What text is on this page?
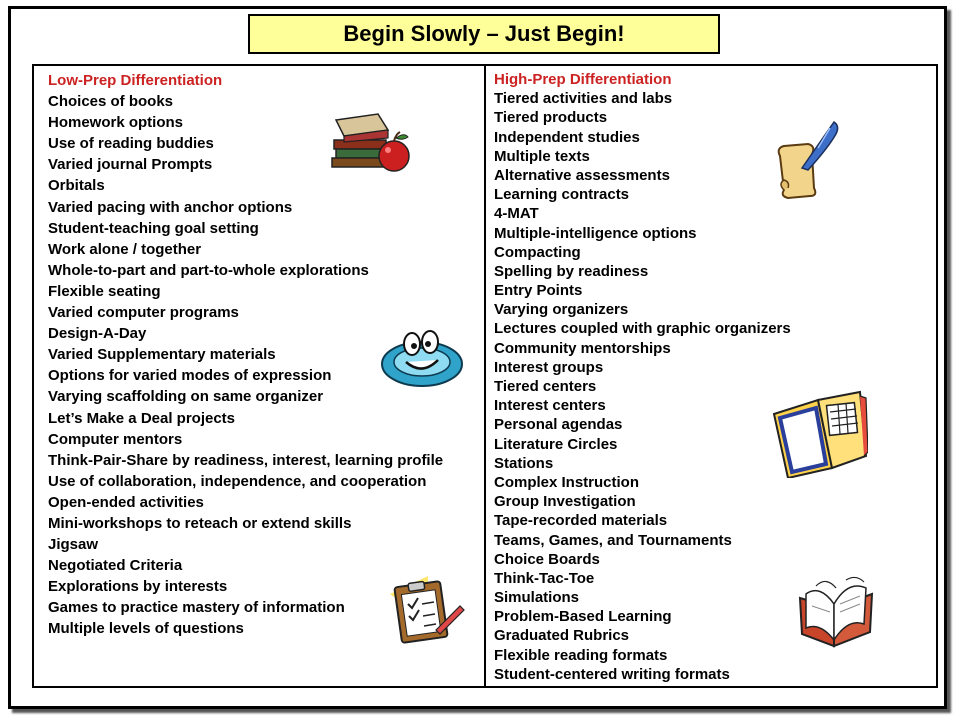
Begin Slowly – Just Begin!
Low-Prep Differentiation
Choices of books
Homework options
Use of reading buddies
Varied journal Prompts
Orbitals
Varied pacing with anchor options
Student-teaching goal setting
Work alone / together
Whole-to-part and part-to-whole explorations
Flexible seating
Varied computer programs
Design-A-Day
Varied Supplementary materials
Options for varied modes of expression
Varying scaffolding on same organizer
Let’s Make a Deal projects
Computer mentors
Think-Pair-Share by readiness, interest, learning profile
Use of collaboration, independence, and cooperation
Open-ended activities
Mini-workshops to reteach or extend skills
Jigsaw
Negotiated Criteria
Explorations by interests
Games to practice mastery of information
Multiple levels of questions
High-Prep Differentiation
Tiered activities and labs
Tiered products
Independent studies
Multiple texts
Alternative assessments
Learning contracts
4-MAT
Multiple-intelligence options
Compacting
Spelling by readiness
Entry Points
Varying organizers
Lectures coupled with graphic organizers
Community mentorships
Interest groups
Tiered centers
Interest centers
Personal agendas
Literature Circles
Stations
Complex Instruction
Group Investigation
Tape-recorded materials
Teams, Games, and Tournaments
Choice Boards
Think-Tac-Toe
Simulations
Problem-Based Learning
Graduated Rubrics
Flexible reading formats
Student-centered writing formats
